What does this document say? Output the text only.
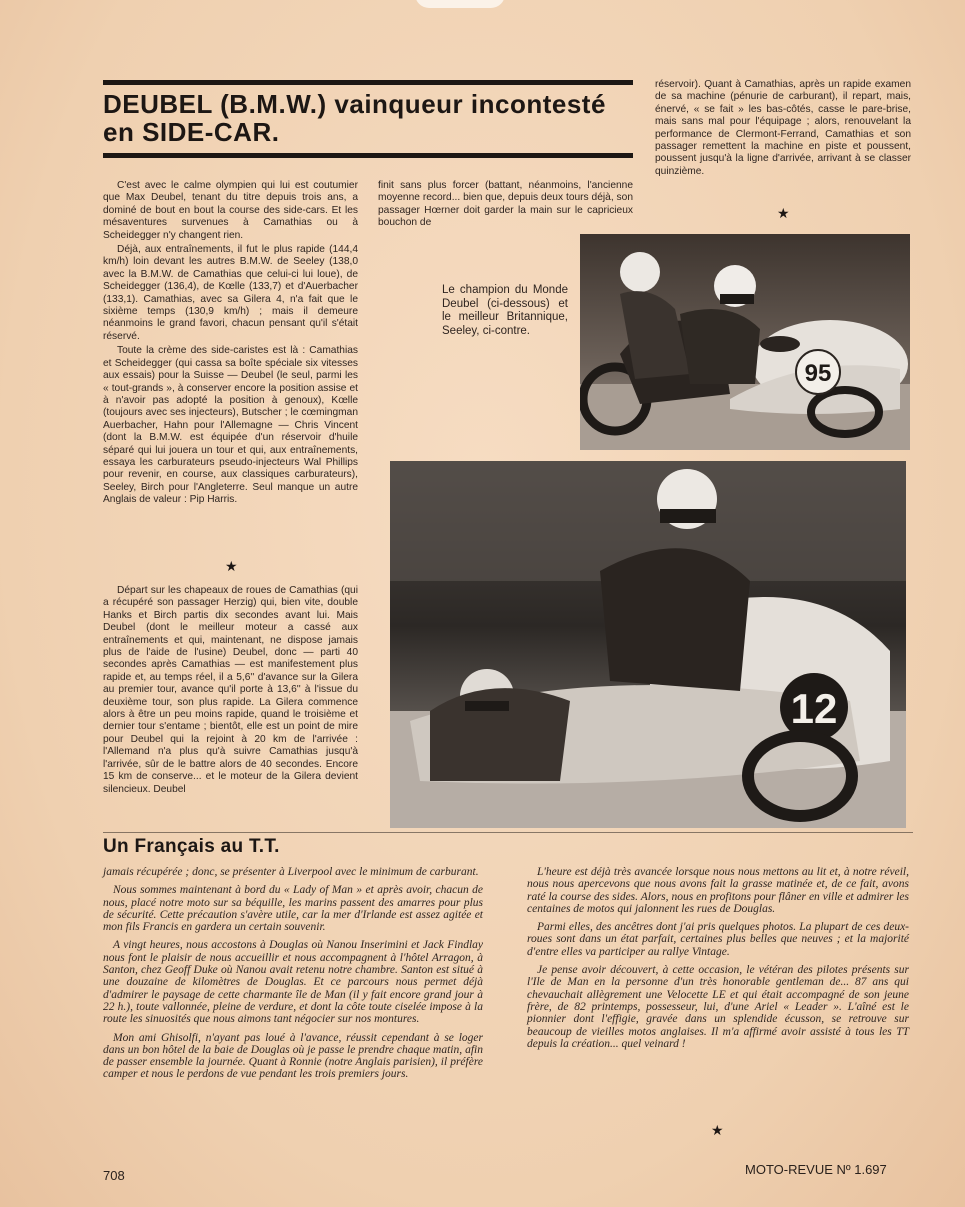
DEUBEL (B.M.W.) vainqueur incontesté en SIDE-CAR.

C'est avec le calme olympien qui lui est coutumier que Max Deubel, tenant du titre depuis trois ans, a dominé de bout en bout la course des side-cars. Et les mésaventures survenues à Camathias ou à Scheidegger n'y changent rien.

Déjà, aux entraînements, il fut le plus rapide (144,4 km/h) loin devant les autres B.M.W. de Seeley (138,0 avec la B.M.W. de Camathias que celui-ci lui loue), de Scheidegger (136,4), de Kœlle (133,7) et d'Auerbacher (133,1). Camathias, avec sa Gilera 4, n'a fait que le sixième temps (130,9 km/h) ; mais il demeure néanmoins le grand favori, chacun pensant qu'il s'était réservé.

Toute la crème des side-caristes est là : Camathias et Scheidegger (qui cassa sa boîte spéciale six vitesses aux essais) pour la Suisse — Deubel (le seul, parmi les « tout-grands », à conserver encore la position assise et à n'avoir pas adopté la position à genoux), Kœlle (toujours avec ses injecteurs), Butscher ; le cœmingman Auerbacher, Hahn pour l'Allemagne — Chris Vincent (dont la B.M.W. est équipée d'un réservoir d'huile séparé qui lui jouera un tour et qui, aux entraînements, essaya les carburateurs pseudo-injecteurs Wal Phillips pour revenir, en course, aux classiques carburateurs), Seeley, Birch pour l'Angleterre. Seul manque un autre Anglais de valeur : Pip Harris.

★

Départ sur les chapeaux de roues de Camathias (qui a récupéré son passager Herzig) qui, bien vite, double Hanks et Birch partis dix secondes avant lui. Mais Deubel (dont le meilleur moteur a cassé aux entraînements et qui, maintenant, ne dispose jamais plus de l'aide de l'usine) Deubel, donc — parti 40 secondes après Camathias — est manifestement plus rapide et, au temps réel, il a 5,6'' d'avance sur la Gilera au premier tour, avance qu'il porte à 13,6'' à l'issue du deuxième tour, son plus rapide. La Gilera commence alors à être un peu moins rapide, quand le troisième et dernier tour s'entame ; bientôt, elle est un point de mire pour Deubel qui la rejoint à 20 km de l'arrivée : l'Allemand n'a plus qu'à suivre Camathias jusqu'à l'arrivée, sûr de le battre alors de 40 secondes. Encore 15 km de conserve... et le moteur de la Gilera devient silencieux. Deubel

finit sans plus forcer (battant, néanmoins, l'ancienne moyenne record... bien que, depuis deux tours déjà, son passager Hœrner doit garder la main sur le capricieux bouchon de

réservoir). Quant à Camathias, après un rapide examen de sa machine (pénurie de carburant), il repart, mais, énervé, « se fait » les bas-côtés, casse le pare-brise, mais sans mal pour l'équipage ; alors, renouvelant la performance de Clermont-Ferrand, Camathias et son passager remettent la machine en piste et poussent, poussent jusqu'à la ligne d'arrivée, arrivant à se classer quinzième.

★

Le champion du Monde Deubel (ci-dessous) et le meilleur Britannique, Seeley, ci-contre.

95
12
Un Français au T.T.

jamais récupérée ; donc, se présenter à Liverpool avec le minimum de carburant.

Nous sommes maintenant à bord du « Lady of Man » et après avoir, chacun de nous, placé notre moto sur sa béquille, les marins passent des amarres pour plus de sécurité. Cette précaution s'avère utile, car la mer d'Irlande est assez agitée et mon fils Francis en gardera un certain souvenir.

A vingt heures, nous accostons à Douglas où Nanou Inserimini et Jack Findlay nous font le plaisir de nous accueillir et nous accompagnent à l'hôtel Arragon, à Santon, chez Geoff Duke où Nanou avait retenu notre chambre. Santon est situé à une douzaine de kilomètres de Douglas. Et ce parcours nous permet déjà d'admirer le paysage de cette charmante île de Man (il y fait encore grand jour à 22 h.), toute vallonnée, pleine de verdure, et dont la côte toute ciselée impose à la route les sinuosités que nous aimons tant négocier sur nos montures.

Mon ami Ghisolfi, n'ayant pas loué à l'avance, réussit cependant à se loger dans un bon hôtel de la baie de Douglas où je passe le prendre chaque matin, afin de passer ensemble la journée. Quant à Ronnie (notre Anglais parisien), il préfère camper et nous le perdons de vue pendant les trois premiers jours.

L'heure est déjà très avancée lorsque nous nous mettons au lit et, à notre réveil, nous nous apercevons que nous avons fait la grasse matinée et, de ce fait, avons raté la course des sides. Alors, nous en profitons pour flâner en ville et admirer les centaines de motos qui jalonnent les rues de Douglas.

Parmi elles, des ancêtres dont j'ai pris quelques photos. La plupart de ces deux-roues sont dans un état parfait, certaines plus belles que neuves ; et la majorité d'entre elles va participer au rallye Vintage.

Je pense avoir découvert, à cette occasion, le vétéran des pilotes présents sur l'Ile de Man en la personne d'un très honorable gentleman de... 87 ans qui chevauchait allègrement une Velocette LE et qui était accompagné de son jeune frère, de 82 printemps, possesseur, lui, d'une Ariel « Leader ». L'aîné est le pionnier dont l'effigie, gravée dans un splendide écusson, se retrouve sur beaucoup de vieilles motos anglaises. Il m'a affirmé avoir assisté à tous les TT depuis la création... quel veinard !

★
708	MOTO-REVUE Nº 1.697
